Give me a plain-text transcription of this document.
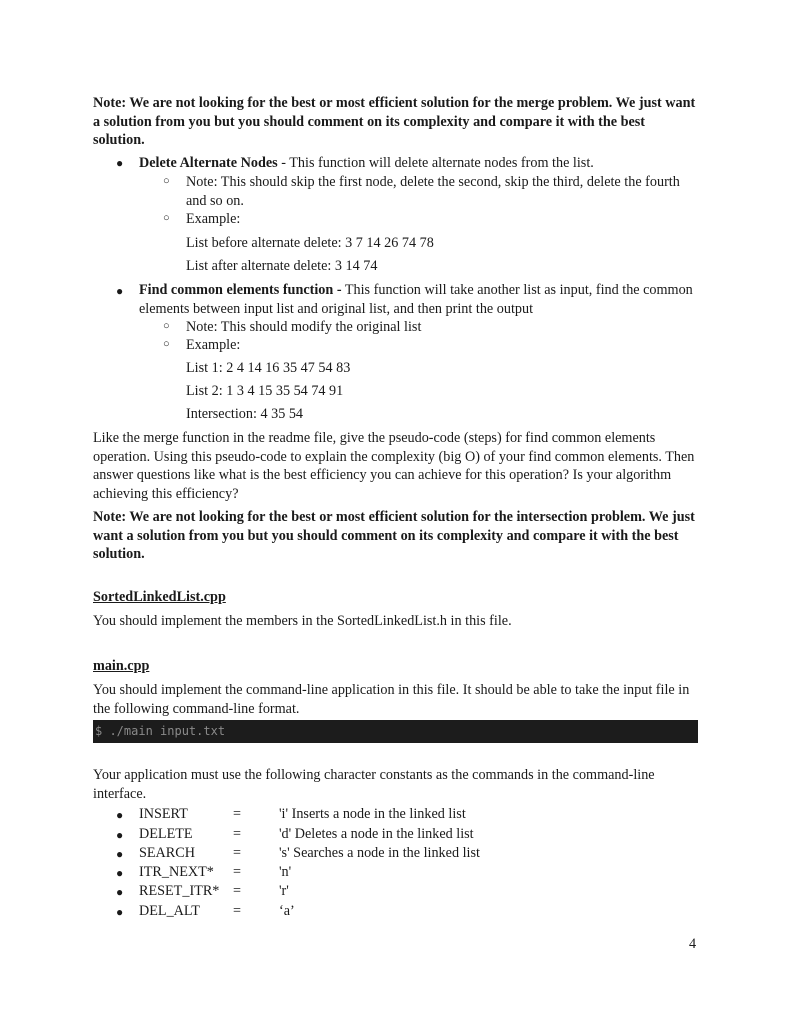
Note: We are not looking for the best or most efficient solution for the merge problem. We just want a solution from you but you should comment on its complexity and compare it with the best solution.

● Delete Alternate Nodes - This function will delete alternate nodes from the list.
○ Note: This should skip the first node, delete the second, skip the third, delete the fourth and so on.
○ Example:
List before alternate delete: 3 7 14 26 74 78
List after alternate delete: 3 14 74
● Find common elements function - This function will take another list as input, find the common elements between input list and original list, and then print the output
○ Note: This should modify the original list
○ Example:
List 1: 2 4 14 16 35 47 54 83
List 2: 1 3 4 15 35 54 74 91
Intersection: 4 35 54

Like the merge function in the readme file, give the pseudo-code (steps) for find common elements operation. Using this pseudo-code to explain the complexity (big O) of your find common elements. Then answer questions like what is the best efficiency you can achieve for this operation? Is your algorithm achieving this efficiency?

Note: We are not looking for the best or most efficient solution for the intersection problem. We just want a solution from you but you should comment on its complexity and compare it with the best solution.

SortedLinkedList.cpp
You should implement the members in the SortedLinkedList.h in this file.
main.cpp

You should implement the command-line application in this file. It should be able to take the input file in the following command-line format.

$ ./main input.txt

Your application must use the following character constants as the commands in the command-line interface.

● INSERT	=	'i' Inserts a node in the linked list
● DELETE	=	'd' Deletes a node in the linked list
● SEARCH	=	's' Searches a node in the linked list
● ITR_NEXT* =	'n'
● RESET_ITR* =	'r'
● DEL_ALT =	‘a’
4
